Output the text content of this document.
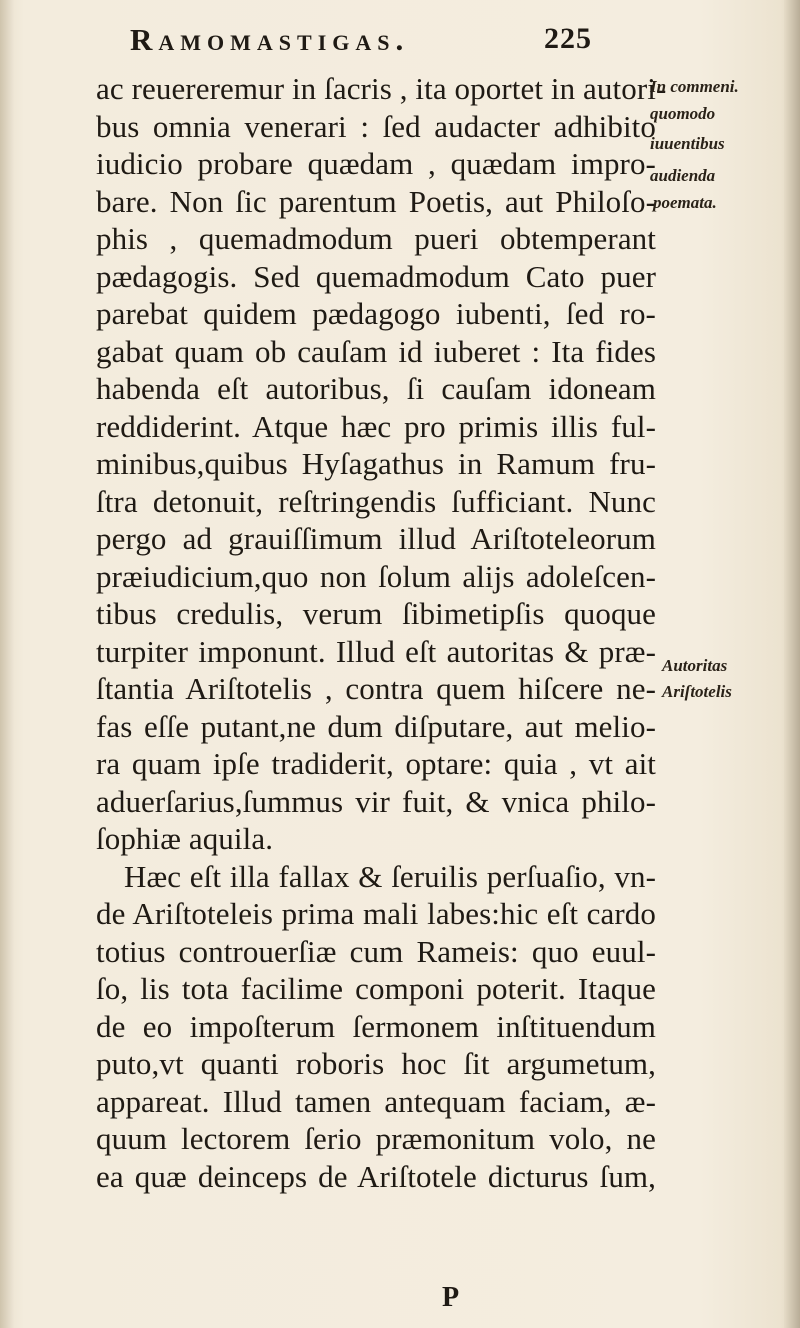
Ramomastigas.	225
ac reuereremur in ſacris , ita oportet in autori-
bus omnia venerari : ſed audacter adhibito
iudicio probare quædam , quædam impro-
bare. Non ſic parentum Poetis, aut Philoſo-
phis , quemadmodum pueri obtemperant
pædagogis. Sed quemadmodum Cato puer
parebat quidem pædagogo iubenti, ſed ro-
gabat quam ob cauſam id iuberet : Ita fides
habenda eſt autoribus, ſi cauſam idoneam
reddiderint. Atque hæc pro primis illis ful-
minibus,quibus Hyſagathus in Ramum fru-
ſtra detonuit, reſtringendis ſufficiant. Nunc
pergo ad grauiſſimum illud Ariſtoteleorum
præiudicium,quo non ſolum alijs adoleſcen-
tibus credulis, verum ſibimetipſis quoque
turpiter imponunt. Illud eſt autoritas & præ-
ſtantia Ariſtotelis , contra quem hiſcere ne-
fas eſſe putant,ne dum diſputare, aut melio-
ra quam ipſe tradiderit, optare: quia , vt ait
aduerſarius,ſummus vir fuit, & vnica philo-
ſophiæ aquila.
Hæc eſt illa fallax & ſeruilis perſuaſio, vn-
de Ariſtoteleis prima mali labes:hic eſt cardo
totius controuerſiæ cum Rameis: quo euul-
ſo, lis tota facilime componi poterit. Itaque
de eo impoſterum ſermonem inſtituendum
puto,vt quanti roboris hoc ſit argumetum,
appareat. Illud tamen antequam faciam, æ-
quum lectorem ſerio præmonitum volo, ne
ea quæ deinceps de Ariſtotele dicturus ſum,
P
In commeni.
quomodo
iuuentibus
audienda
poemata.
Autoritas
Ariſtotelis
